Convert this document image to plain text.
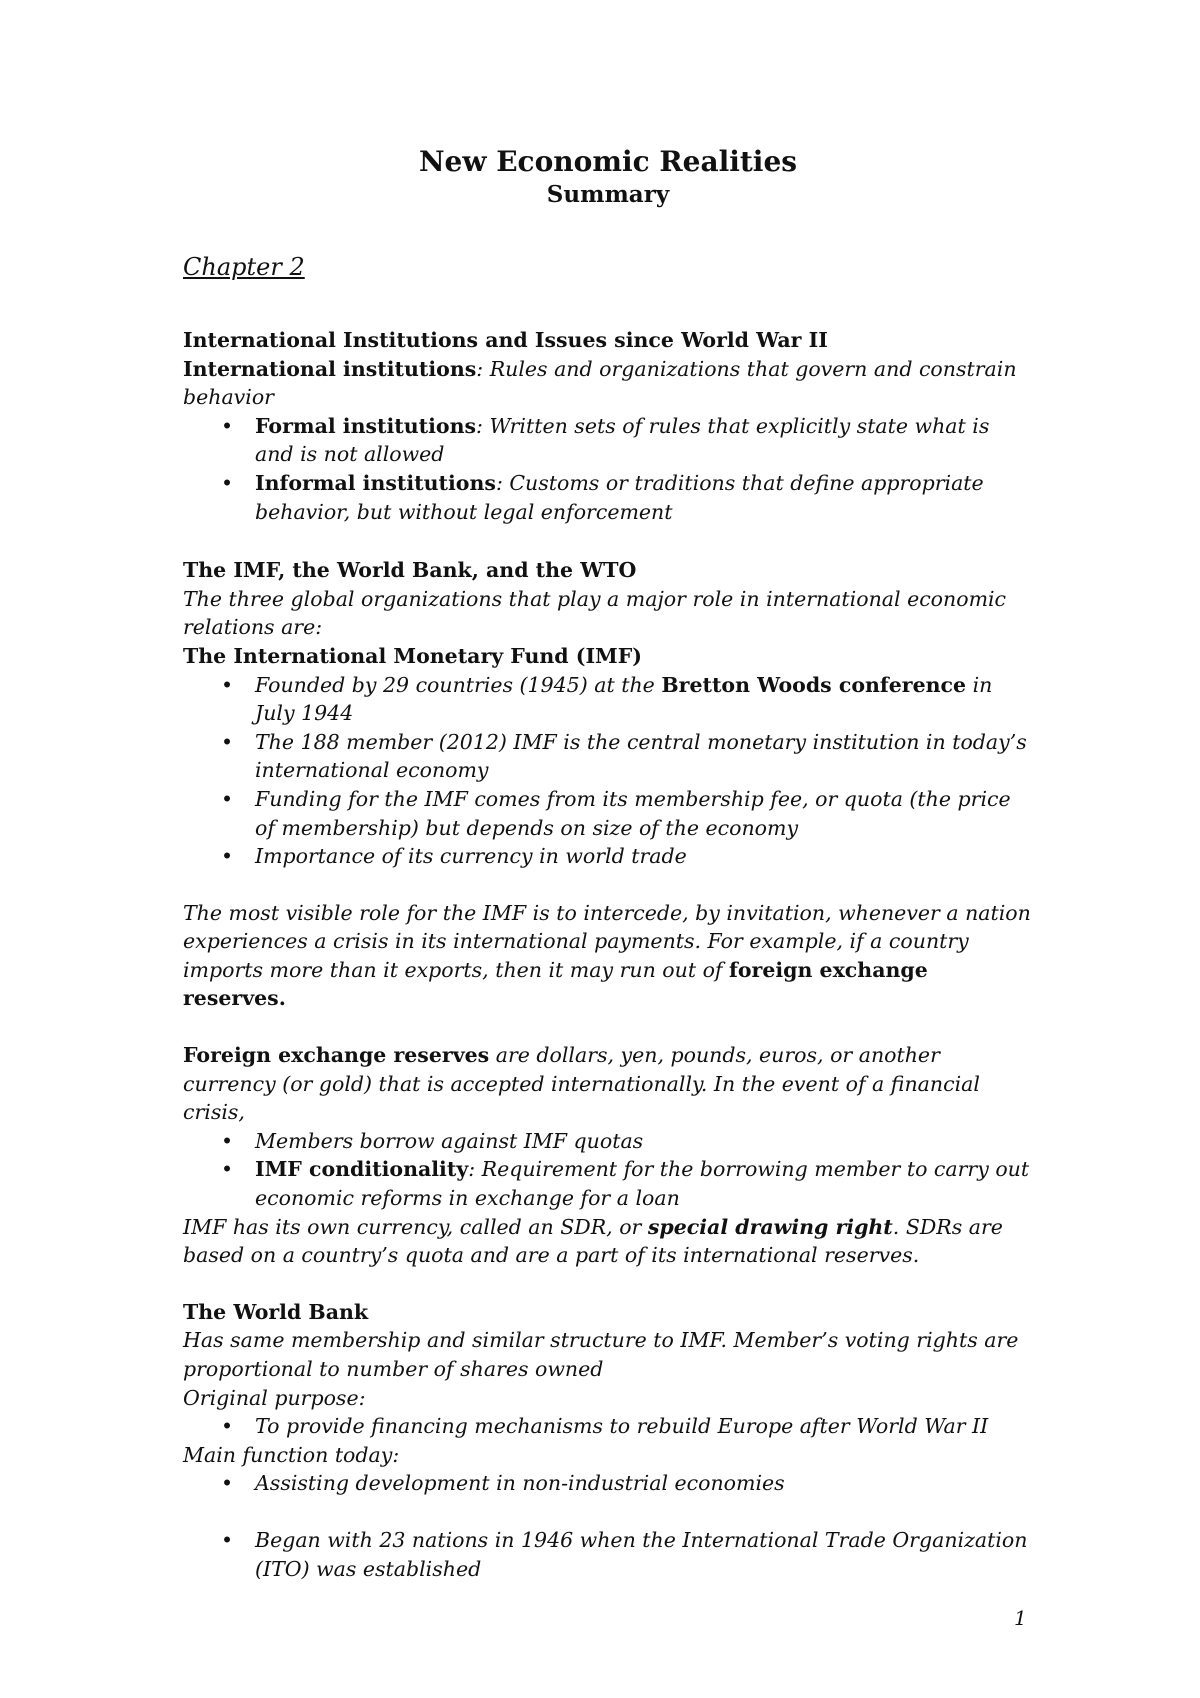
New Economic Realities

Summary

Chapter 2

International Institutions and Issues since World War II

International institutions: Rules and organizations that govern and constrain behavior

• Formal institutions: Written sets of rules that explicitly state what is and is not allowed
• Informal institutions: Customs or traditions that define appropriate behavior, but without legal enforcement

The IMF, the World Bank, and the WTO

The three global organizations that play a major role in international economic relations are:

The International Monetary Fund (IMF)

• Founded by 29 countries (1945) at the Bretton Woods conference in July 1944
• The 188 member (2012) IMF is the central monetary institution in today’s international economy
• Funding for the IMF comes from its membership fee, or quota (the price of membership) but depends on size of the economy
• Importance of its currency in world trade

The most visible role for the IMF is to intercede, by invitation, whenever a nation experiences a crisis in its international payments. For example, if a country imports more than it exports, then it may run out of foreign exchange reserves.

Foreign exchange reserves are dollars, yen, pounds, euros, or another currency (or gold) that is accepted internationally. In the event of a financial crisis,

• Members borrow against IMF quotas
• IMF conditionality: Requirement for the borrowing member to carry out economic reforms in exchange for a loan

IMF has its own currency, called an SDR, or special drawing right. SDRs are based on a country’s quota and are a part of its international reserves.

The World Bank

Has same membership and similar structure to IMF. Member’s voting rights are proportional to number of shares owned

Original purpose:

• To provide financing mechanisms to rebuild Europe after World War II

Main function today:

• Assisting development in non-industrial economies
• Began with 23 nations in 1946 when the International Trade Organization (ITO) was established
1
